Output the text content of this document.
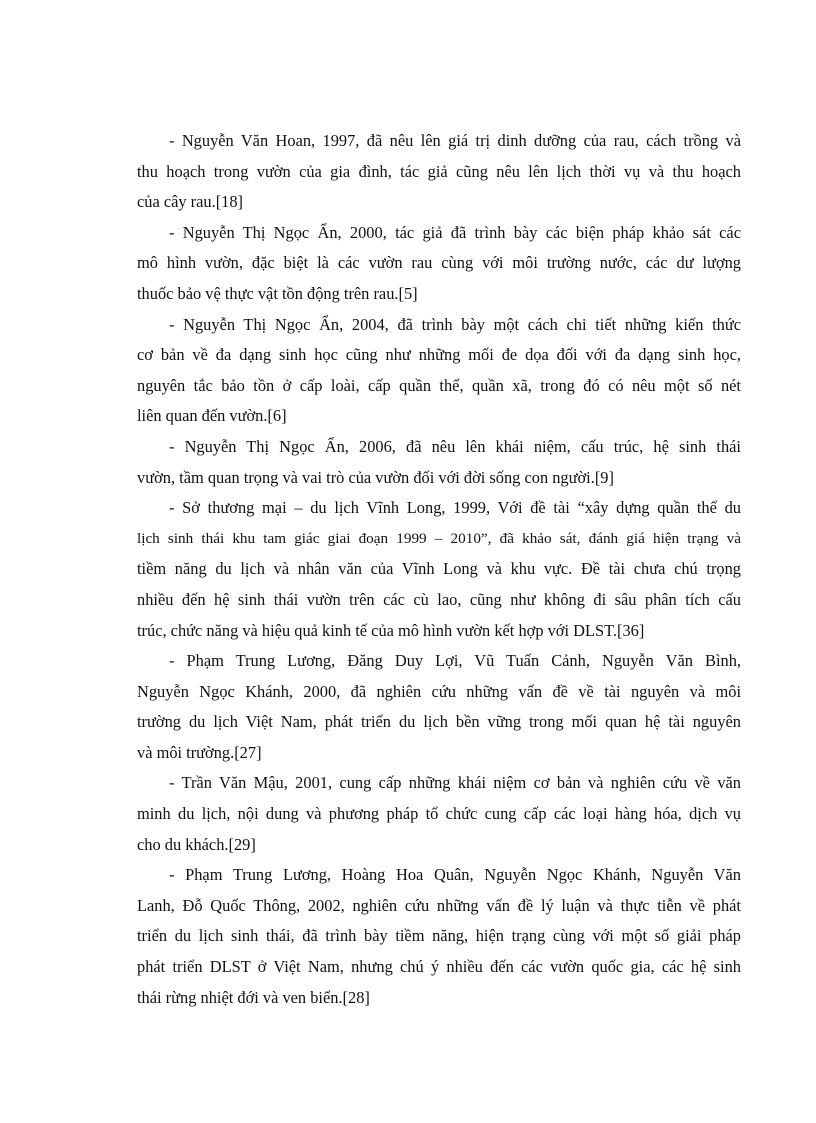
- Nguyễn Văn Hoan, 1997, đã nêu lên giá trị dinh dưỡng của rau, cách trồng và
thu hoạch trong vườn của gia đình, tác giả cũng nêu lên lịch thời vụ và thu hoạch
của cây rau.[18]

- Nguyễn Thị Ngọc Ẩn, 2000, tác giả đã trình bày các biện pháp khảo sát các
mô hình vườn, đặc biệt là các vườn rau cùng với môi trường nước, các dư lượng
thuốc bảo vệ thực vật tồn động trên rau.[5]

- Nguyễn Thị Ngọc Ẩn, 2004, đã trình bày một cách chi tiết những kiến thức
cơ bản về đa dạng sinh học cũng như những mối đe dọa đối với đa dạng sinh học,
nguyên tắc bảo tồn ở cấp loài, cấp quần thể, quần xã, trong đó có nêu một số nét
liên quan đến vườn.[6]

- Nguyễn Thị Ngọc Ẩn, 2006, đã nêu lên khái niệm, cấu trúc, hệ sinh thái
vườn, tầm quan trọng và vai trò của vườn đối với đời sống con người.[9]

- Sở thương mại – du lịch Vĩnh Long, 1999, Với đề tài “xây dựng quần thể du
lịch sinh thái khu tam giác giai đoạn 1999 – 2010”, đã khảo sát, đánh giá hiện trạng và
tiềm năng du lịch và nhân văn của Vĩnh Long và khu vực. Đề tài chưa chú trọng
nhiều đến hệ sinh thái vườn trên các cù lao, cũng như không đi sâu phân tích cấu
trúc, chức năng và hiệu quả kinh tế của mô hình vườn kết hợp với DLST.[36]

- Phạm Trung Lương, Đăng Duy Lợi, Vũ Tuấn Cảnh, Nguyễn Văn Bình,
Nguyễn Ngọc Khánh, 2000, đã nghiên cứu những vấn đề về tài nguyên và môi
trường du lịch Việt Nam, phát triển du lịch bền vững trong mối quan hệ tài nguyên
và môi trường.[27]

- Trần Văn Mậu, 2001, cung cấp những khái niệm cơ bản và nghiên cứu về văn
minh du lịch, nội dung và phương pháp tổ chức cung cấp các loại hàng hóa, dịch vụ
cho du khách.[29]

- Phạm Trung Lương, Hoàng Hoa Quân, Nguyễn Ngọc Khánh, Nguyễn Văn
Lanh, Đỗ Quốc Thông, 2002, nghiên cứu những vấn đề lý luận và thực tiễn về phát
triển du lịch sinh thái, đã trình bày tiềm năng, hiện trạng cùng với một số giải pháp
phát triển DLST ở Việt Nam, nhưng chú ý nhiều đến các vườn quốc gia, các hệ sinh
thái rừng nhiệt đới và ven biển.[28]
